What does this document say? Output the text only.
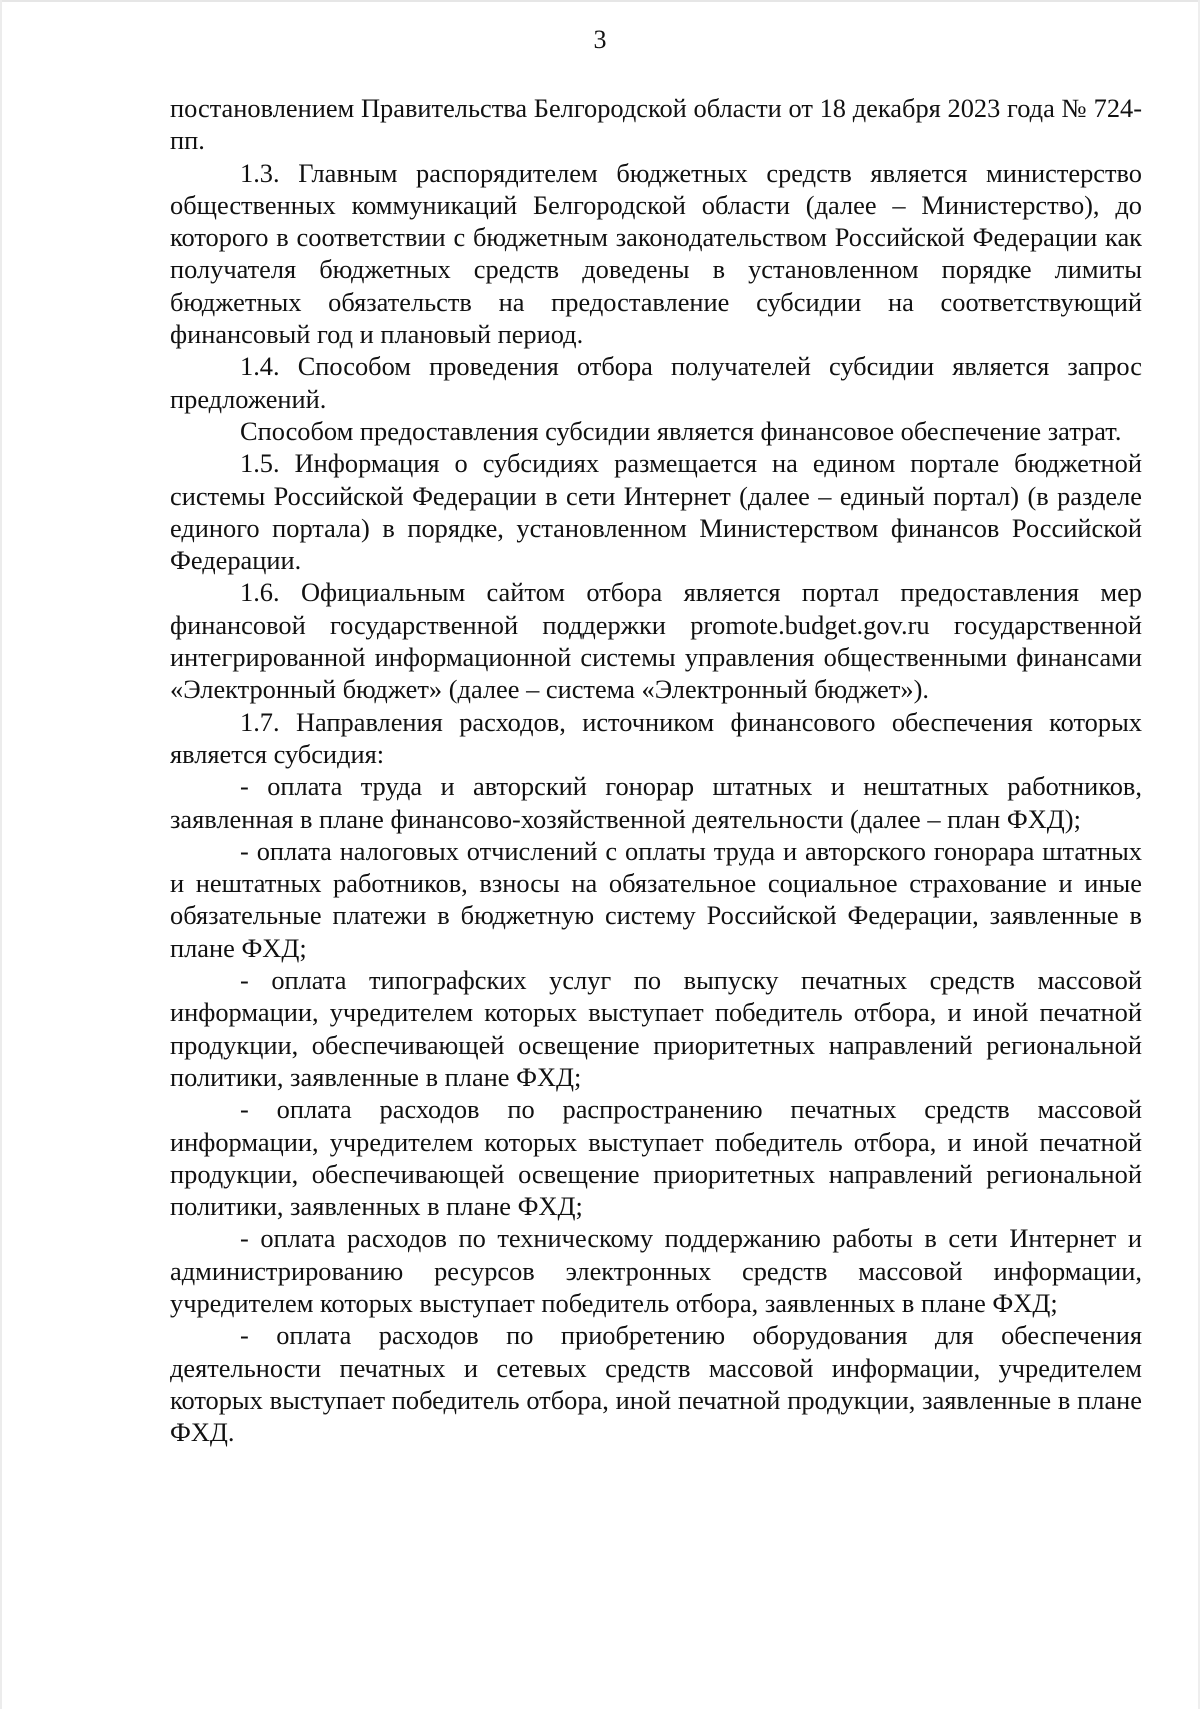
3

постановлением Правительства Белгородской области от 18 декабря 2023 года № 724-пп.

1.3. Главным распорядителем бюджетных средств является министерство общественных коммуникаций Белгородской области (далее – Министерство), до которого в соответствии с бюджетным законодательством Российской Федерации как получателя бюджетных средств доведены в установленном порядке лимиты бюджетных обязательств на предоставление субсидии на соответствующий финансовый год и плановый период.

1.4. Способом проведения отбора получателей субсидии является запрос предложений.

Способом предоставления субсидии является финансовое обеспечение затрат.

1.5. Информация о субсидиях размещается на едином портале бюджетной системы Российской Федерации в сети Интернет (далее – единый портал) (в разделе единого портала) в порядке, установленном Министерством финансов Российской Федерации.

1.6. Официальным сайтом отбора является портал предоставления мер финансовой государственной поддержки promote.budget.gov.ru государственной интегрированной информационной системы управления общественными финансами «Электронный бюджет» (далее – система «Электронный бюджет»).

1.7. Направления расходов, источником финансового обеспечения которых является субсидия:

- оплата труда и авторский гонорар штатных и нештатных работников, заявленная в плане финансово-хозяйственной деятельности (далее – план ФХД);

- оплата налоговых отчислений с оплаты труда и авторского гонорара штатных и нештатных работников, взносы на обязательное социальное страхование и иные обязательные платежи в бюджетную систему Российской Федерации, заявленные в плане ФХД;

- оплата типографских услуг по выпуску печатных средств массовой информации, учредителем которых выступает победитель отбора, и иной печатной продукции, обеспечивающей освещение приоритетных направлений региональной политики, заявленные в плане ФХД;

- оплата расходов по распространению печатных средств массовой информации, учредителем которых выступает победитель отбора, и иной печатной продукции, обеспечивающей освещение приоритетных направлений региональной политики, заявленных в плане ФХД;

- оплата расходов по техническому поддержанию работы в сети Интернет и администрированию ресурсов электронных средств массовой информации, учредителем которых выступает победитель отбора, заявленных в плане ФХД;

- оплата расходов по приобретению оборудования для обеспечения деятельности печатных и сетевых средств массовой информации, учредителем которых выступает победитель отбора, иной печатной продукции, заявленные в плане ФХД.
